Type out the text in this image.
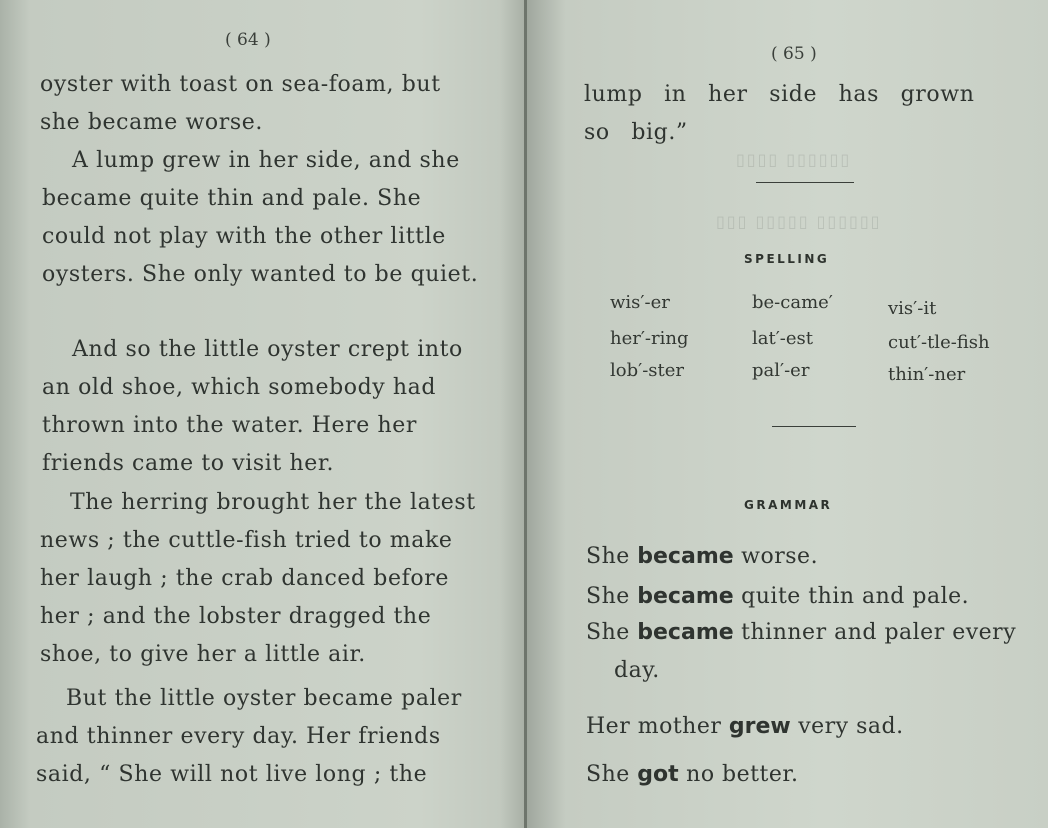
( 64 )

oyster with toast on sea-foam, but she became worse.

A lump grew in her side, and she became quite thin and pale. She could not play with the other little oysters. She only wanted to be quiet.

And so the little oyster crept into an old shoe, which somebody had thrown into the water. Here her friends came to visit her.

The herring brought her the latest news ; the cuttle-fish tried to make her laugh ; the crab danced before her ; and the lobster dragged the shoe, to give her a little air.

But the little oyster became paler and thinner every day. Her friends said, “ She will not live long ; the

( 65 )

lump in her side has grown so big.”

▯▯▯▯ ▯▯▯▯▯▯
▯▯▯ ▯▯▯▯▯ ▯▯▯▯▯▯
SPELLING
wis′-er
her′-ring
lob′-ster
be-came′
lat′-est
pal′-er
vis′-it
cut′-tle-fish
thin′-ner
GRAMMAR

She became worse.

She became quite thin and pale.

She became thinner and paler every day.

Her mother grew very sad.

She got no better.
